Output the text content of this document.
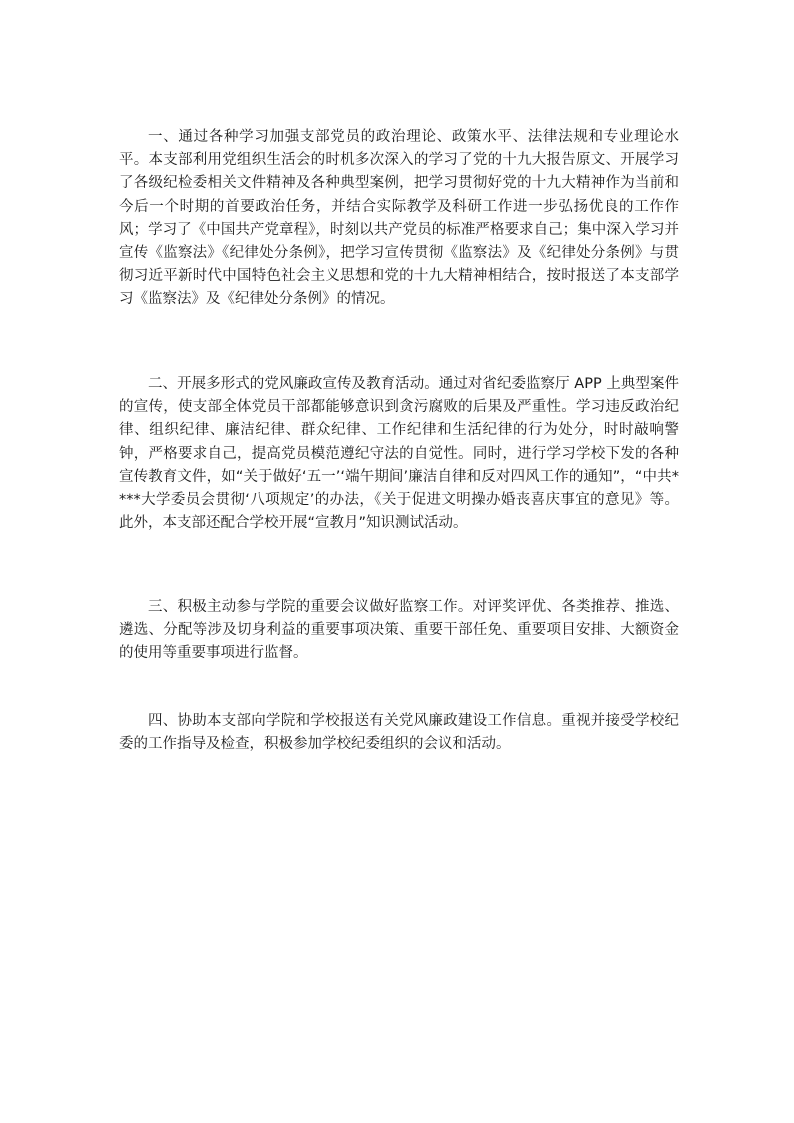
一、通过各种学习加强支部党员的政治理论、政策水平、法律法规和专业理论水平。本支部利用党组织生活会的时机多次深入的学习了党的十九大报告原文、开展学习了各级纪检委相关文件精神及各种典型案例，把学习贯彻好党的十九大精神作为当前和今后一个时期的首要政治任务，并结合实际教学及科研工作进一步弘扬优良的工作作风；学习了《中国共产党章程》，时刻以共产党员的标准严格要求自己；集中深入学习并宣传《监察法》《纪律处分条例》，把学习宣传贯彻《监察法》及《纪律处分条例》与贯彻习近平新时代中国特色社会主义思想和党的十九大精神相结合，按时报送了本支部学习《监察法》及《纪律处分条例》的情况。

二、开展多形式的党风廉政宣传及教育活动。通过对省纪委监察厅 APP 上典型案件的宣传，使支部全体党员干部都能够意识到贪污腐败的后果及严重性。学习违反政治纪律、组织纪律、廉洁纪律、群众纪律、工作纪律和生活纪律的行为处分，时时敲响警钟，严格要求自己，提高党员模范遵纪守法的自觉性。同时，进行学习学校下发的各种宣传教育文件，如“关于做好‘五一’‘端午期间’廉洁自律和反对四风工作的通知”，“中共****大学委员会贯彻‘八项规定’的办法，《关于促进文明操办婚丧喜庆事宜的意见》等。此外，本支部还配合学校开展“宣教月”知识测试活动。

三、积极主动参与学院的重要会议做好监察工作。对评奖评优、各类推荐、推选、遴选、分配等涉及切身利益的重要事项决策、重要干部任免、重要项目安排、大额资金的使用等重要事项进行监督。

四、协助本支部向学院和学校报送有关党风廉政建设工作信息。重视并接受学校纪委的工作指导及检查，积极参加学校纪委组织的会议和活动。
